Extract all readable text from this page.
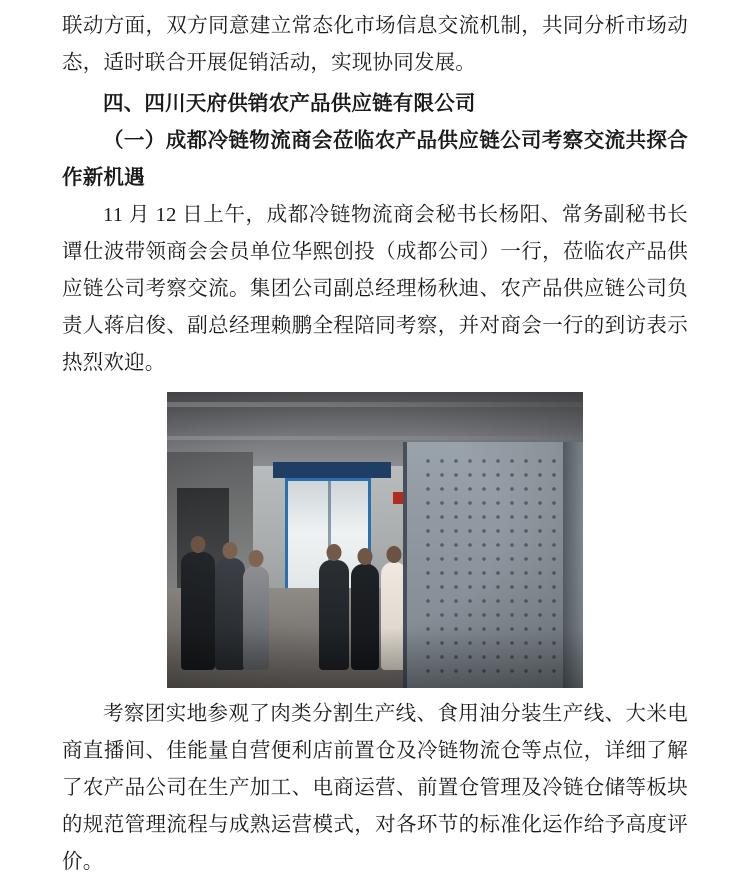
联动方面，双方同意建立常态化市场信息交流机制，共同分析市场动态，适时联合开展促销活动，实现协同发展。

四、四川天府供销农产品供应链有限公司
（一）成都冷链物流商会莅临农产品供应链公司考察交流共探合作新机遇

11 月 12 日上午，成都冷链物流商会秘书长杨阳、常务副秘书长谭仕波带领商会会员单位华熙创投（成都公司）一行，莅临农产品供应链公司考察交流。集团公司副总经理杨秋迪、农产品供应链公司负责人蒋启俊、副总经理赖鹏全程陪同考察，并对商会一行的到访表示热烈欢迎。

考察团实地参观了肉类分割生产线、食用油分装生产线、大米电商直播间、佳能量自营便利店前置仓及冷链物流仓等点位，详细了解了农产品公司在生产加工、电商运营、前置仓管理及冷链仓储等板块的规范管理流程与成熟运营模式，对各环节的标准化运作给予高度评价。
